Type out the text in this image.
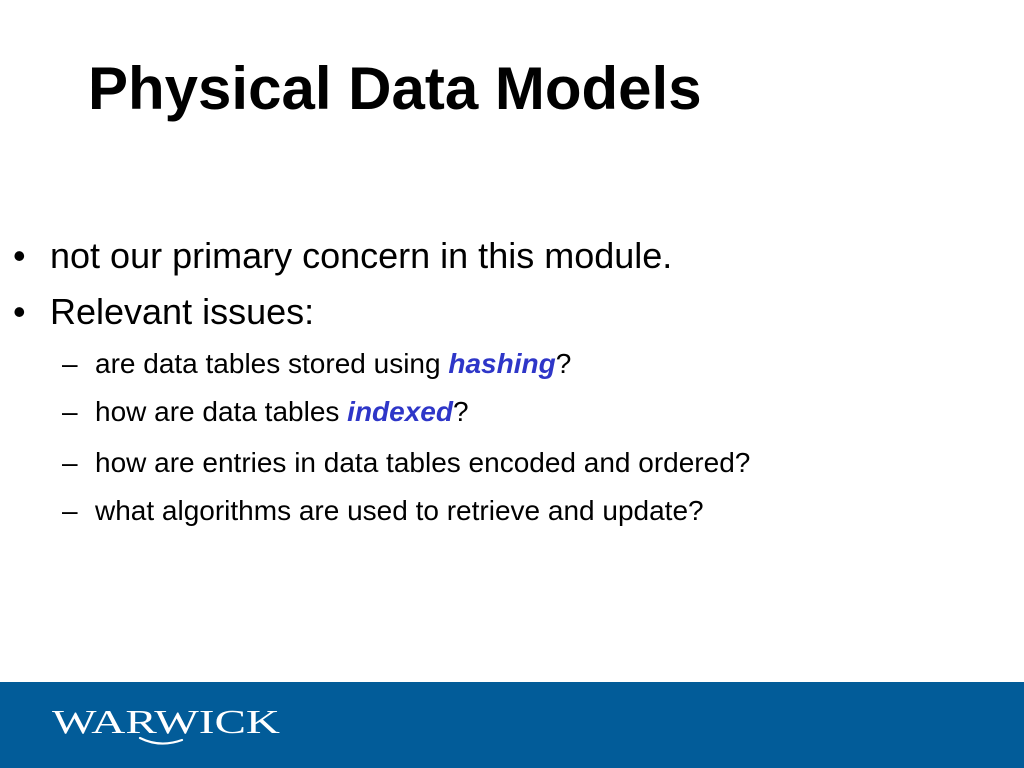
Physical Data Models
• not our primary concern in this module.
• Relevant issues:
– are data tables stored using hashing?
– how are data tables indexed?
– how are entries in data tables encoded and ordered?
– what algorithms are used to retrieve and update?
WARWICK
